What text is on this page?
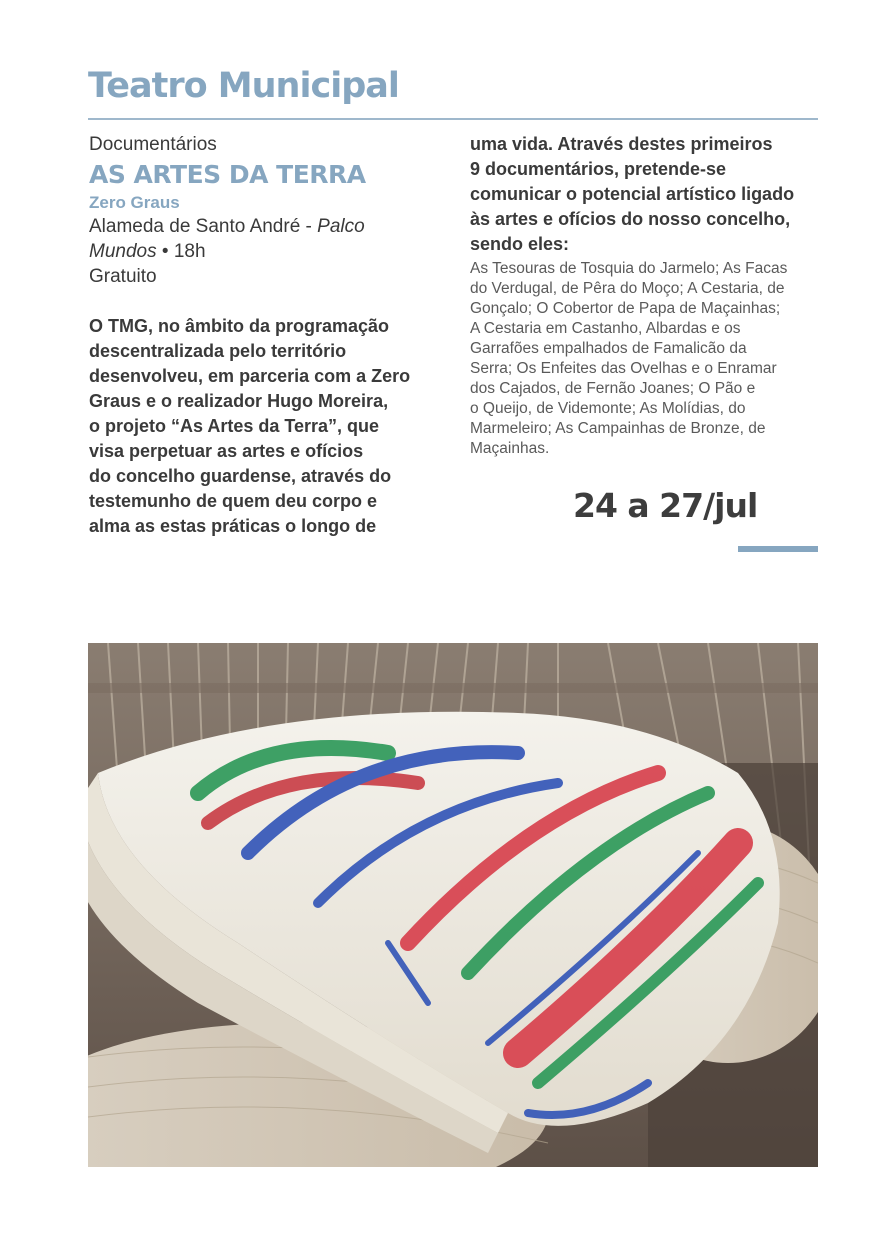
Teatro Municipal
Documentários
AS ARTES DA TERRA
Zero Graus
Alameda de Santo André - Palco
Mundos • 18h
Gratuito
O TMG, no âmbito da programação
descentralizada pelo território
desenvolveu, em parceria com a Zero
Graus e o realizador Hugo Moreira,
o projeto “As Artes da Terra”, que
visa perpetuar as artes e ofícios
do concelho guardense, através do
testemunho de quem deu corpo e
alma as estas práticas o longo de
uma vida. Através destes primeiros
9 documentários, pretende-se
comunicar o potencial artístico ligado
às artes e ofícios do nosso concelho,
sendo eles:
As Tesouras de Tosquia do Jarmelo; As Facas
do Verdugal, de Pêra do Moço; A Cestaria, de
Gonçalo; O Cobertor de Papa de Maçainhas;
A Cestaria em Castanho, Albardas e os
Garrafões empalhados de Famalicão da
Serra; Os Enfeites das Ovelhas e o Enramar
dos Cajados, de Fernão Joanes; O Pão e
o Queijo, de Videmonte; As Molídias, do
Marmeleiro; As Campainhas de Bronze, de
Maçainhas.
24 a 27/jul
